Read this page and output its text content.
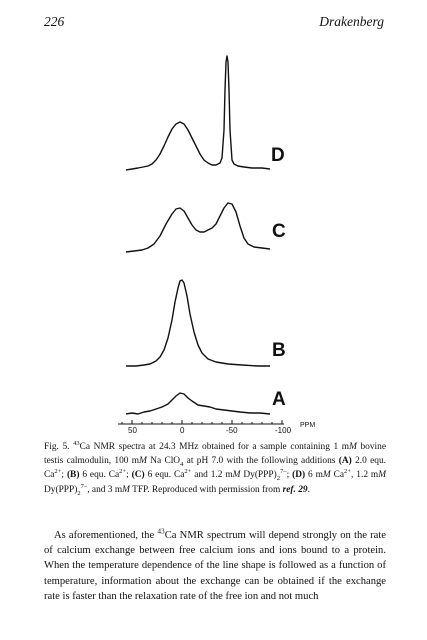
226	Drakenberg
D
C
B
A
50	0	-50	-100
PPM
Fig. 5. $^{43}$Ca NMR spectra at 24.3 MHz obtained for a sample containing 1 mM bovine testis calmodulin, 100 mM Na ClO$_4$ at pH 7.0 with the following additions (A) 2.0 equ. $Ca^{2+}$; (B) 6 equ. $Ca^{2+}$; (C) 6 equ. $Ca^{2+}$ and 1.2 mM $Dy(PPP)_2^{7-}$; (D) 6 mM $Ca^{2+}$, 1.2 mM $Dy(PPP)_2^{7-}$, and 3 mM TFP. Reproduced with permission from ref. 29.
As aforementioned, the $^{43}$Ca NMR spectrum will depend strongly on the rate of calcium exchange between free calcium ions and ions bound to a protein. When the temperature dependence of the line shape is followed as a function of temperature, information about the exchange can be obtained if the exchange rate is faster than the relaxation rate of the free ion and not much
